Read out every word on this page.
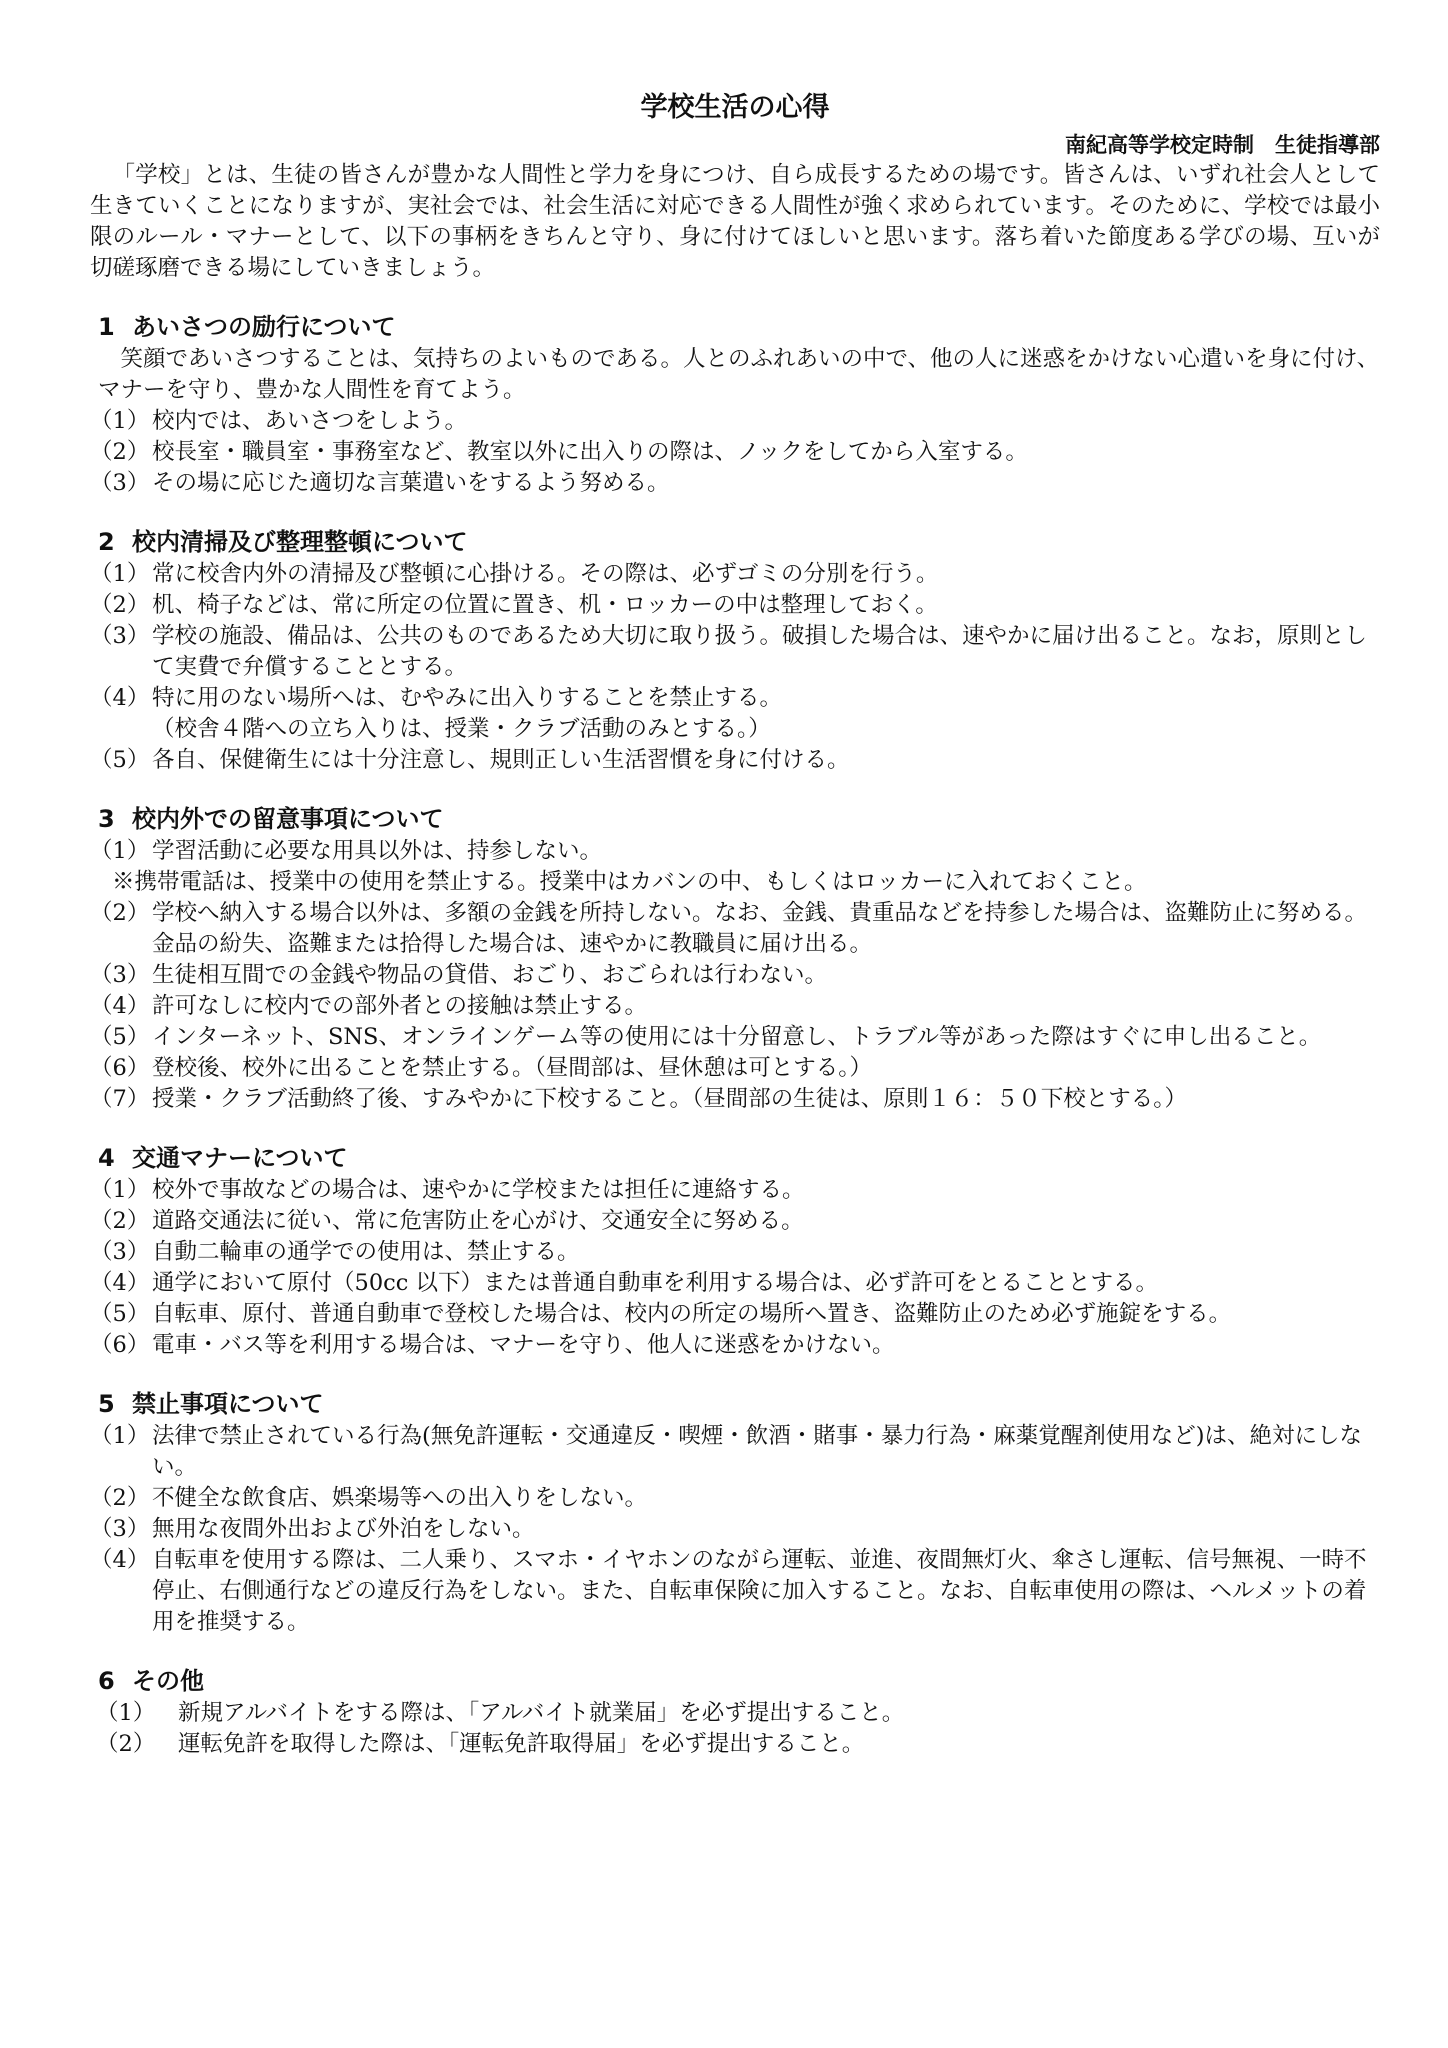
学校生活の心得
南紀高等学校定時制　生徒指導部

「学校」とは、生徒の皆さんが豊かな人間性と学力を身につけ、自ら成長するための場です。皆さんは、いずれ社会人として生きていくことになりますが、実社会では、社会生活に対応できる人間性が強く求められています。そのために、学校では最小限のルール・マナーとして、以下の事柄をきちんと守り、身に付けてほしいと思います。落ち着いた節度ある学びの場、互いが切磋琢磨できる場にしていきましょう。

1 あいさつの励行について

笑顔であいさつすることは、気持ちのよいものである。人とのふれあいの中で、他の人に迷惑をかけない心遣いを身に付け、マナーを守り、豊かな人間性を育てよう。

（1） 校内では、あいさつをしよう。
（2） 校長室・職員室・事務室など、教室以外に出入りの際は、ノックをしてから入室する。
（3） その場に応じた適切な言葉遣いをするよう努める。
2 校内清掃及び整理整頓について
（1） 常に校舎内外の清掃及び整頓に心掛ける。その際は、必ずゴミの分別を行う。
（2） 机、椅子などは、常に所定の位置に置き、机・ロッカーの中は整理しておく。
（3） 学校の施設、備品は、公共のものであるため大切に取り扱う。破損した場合は、速やかに届け出ること。なお，原則として実費で弁償することとする。
（4） 特に用のない場所へは、むやみに出入りすることを禁止する。

（校舎４階への立ち入りは、授業・クラブ活動のみとする。）

（5） 各自、保健衛生には十分注意し、規則正しい生活習慣を身に付ける。
3 校内外での留意事項について
（1） 学習活動に必要な用具以外は、持参しない。

※携帯電話は、授業中の使用を禁止する。授業中はカバンの中、もしくはロッカーに入れておくこと。

（2） 学校へ納入する場合以外は、多額の金銭を所持しない。なお、金銭、貴重品などを持参した場合は、盗難防止に努める。金品の紛失、盗難または拾得した場合は、速やかに教職員に届け出る。
（3） 生徒相互間での金銭や物品の貸借、おごり、おごられは行わない。
（4） 許可なしに校内での部外者との接触は禁止する。
（5） インターネット、SNS、オンラインゲーム等の使用には十分留意し、トラブル等があった際はすぐに申し出ること。
（6） 登校後、校外に出ることを禁止する。（昼間部は、昼休憩は可とする。）
（7） 授業・クラブ活動終了後、すみやかに下校すること。（昼間部の生徒は、原則１６：５０下校とする。）
4 交通マナーについて
（1） 校外で事故などの場合は、速やかに学校または担任に連絡する。
（2） 道路交通法に従い、常に危害防止を心がけ、交通安全に努める。
（3） 自動二輪車の通学での使用は、禁止する。
（4） 通学において原付（50cc 以下）または普通自動車を利用する場合は、必ず許可をとることとする。
（5） 自転車、原付、普通自動車で登校した場合は、校内の所定の場所へ置き、盗難防止のため必ず施錠をする。
（6） 電車・バス等を利用する場合は、マナーを守り、他人に迷惑をかけない。
5 禁止事項について
（1） 法律で禁止されている行為(無免許運転・交通違反・喫煙・飲酒・賭事・暴力行為・麻薬覚醒剤使用など)は、絶対にしない。
（2） 不健全な飲食店、娯楽場等への出入りをしない。
（3） 無用な夜間外出および外泊をしない。
（4） 自転車を使用する際は、二人乗り、スマホ・イヤホンのながら運転、並進、夜間無灯火、傘さし運転、信号無視、一時不停止、右側通行などの違反行為をしない。また、自転車保険に加入すること。なお、自転車使用の際は、ヘルメットの着用を推奨する。
6 その他
（1）	新規アルバイトをする際は、「アルバイト就業届」を必ず提出すること。
（2）	運転免許を取得した際は、「運転免許取得届」を必ず提出すること。
